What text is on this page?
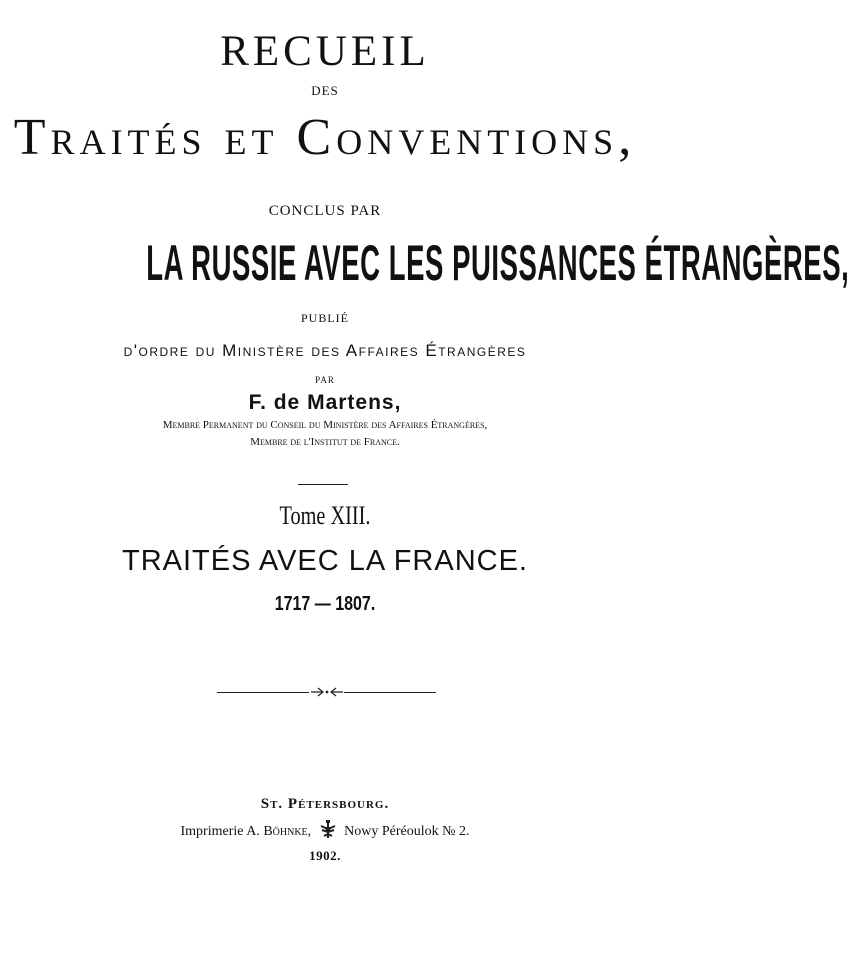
RECUEIL
DES
Traités et Conventions,
CONCLUS PAR
LA RUSSIE AVEC LES PUISSANCES ÉTRANGÈRES,
PUBLIÉ
d'ordre du Ministère des Affaires Étrangères
PAR
F. de Martens,
Membre Permanent du Conseil du Ministère des Affaires Étrangères,
Membre de l'Institut de France.
Tome XIII.
TRAITÉS AVEC LA FRANCE.
1717 — 1807.
St. Pétersbourg.
Imprimerie A. Böhnke, Nowy Péréoulok № 2.
1902.
